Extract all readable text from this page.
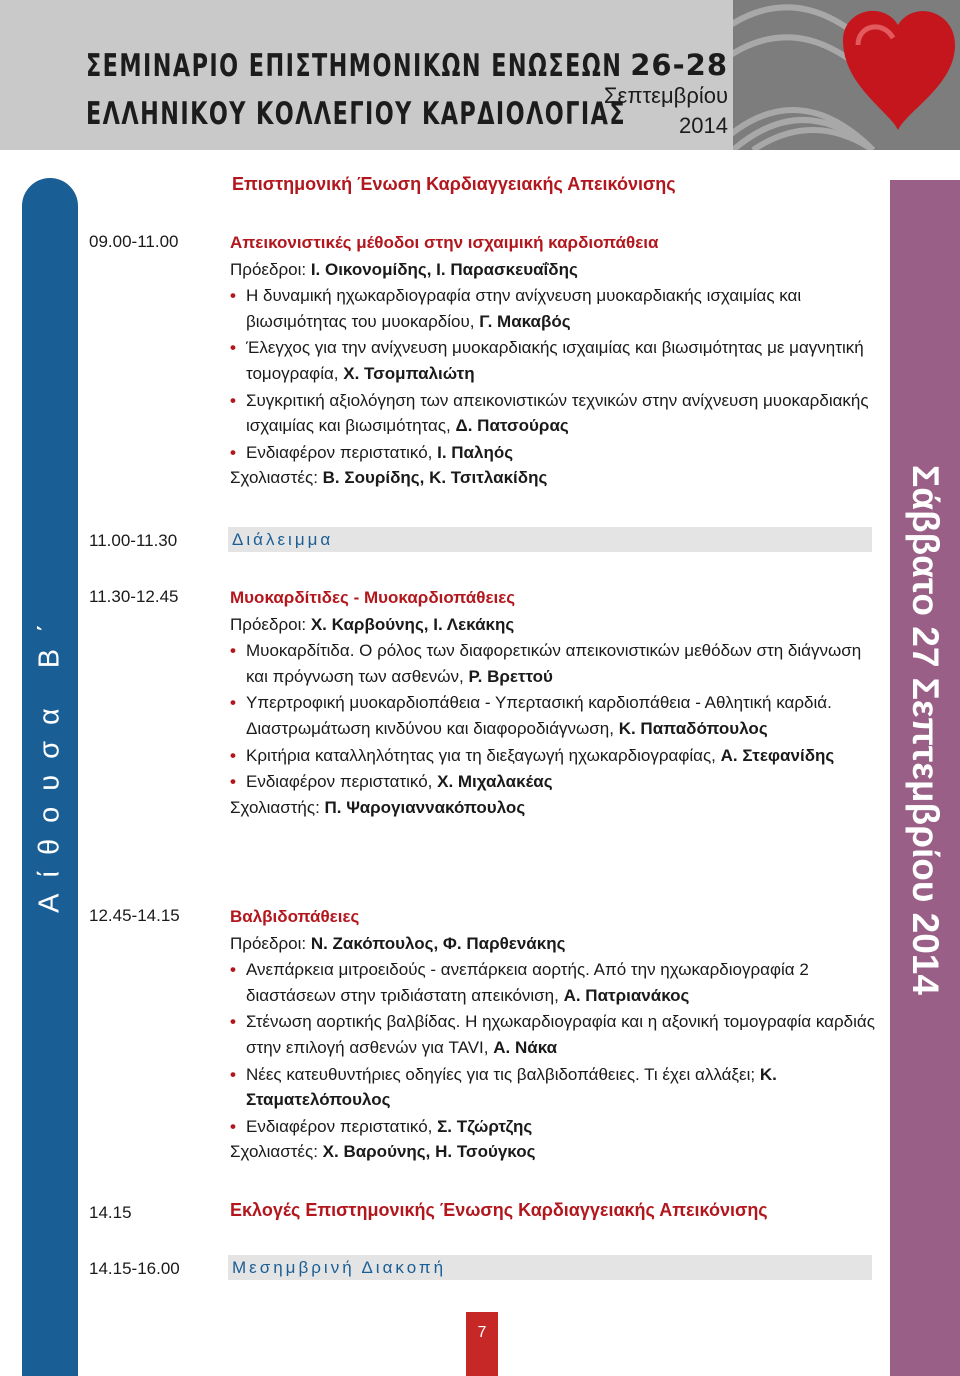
ΣΕΜΙΝΑΡΙΟ ΕΠΙΣΤΗΜΟΝΙΚΩΝ ΕΝΩΣΕΩΝ
ΕΛΛΗΝΙΚΟΥ ΚΟΛΛΕΓΙΟΥ ΚΑΡΔΙΟΛΟΓΙΑΣ
26-28
Σεπτεμβρίου
2014
Αίθουσα Β΄	Σάββατο 27 Σεπτεμβρίου 2014
Επιστημονική Ένωση Καρδιαγγειακής Απεικόνισης
09.00-11.00	Απεικονιστικές μέθοδοι στην ισχαιμική καρδιοπάθεια
Πρόεδροι: Ι. Οικονομίδης, Ι. Παρασκευαΐδης
• Η δυναμική ηχωκαρδιογραφία στην ανίχνευση μυοκαρδιακής ισχαιμίας και βιωσιμότητας του μυοκαρδίου, Γ. Μακαβός
• Έλεγχος για την ανίχνευση μυοκαρδιακής ισχαιμίας και βιωσιμότητας με μαγνητική τομογραφία, Χ. Τσομπαλιώτη
• Συγκριτική αξιολόγηση των απεικονιστικών τεχνικών στην ανίχνευση μυοκαρδιακής ισχαιμίας και βιωσιμότητας, Δ. Πατσούρας
• Ενδιαφέρον περιστατικό, Ι. Παληός
Σχολιαστές: Β. Σουρίδης, Κ. Τσιτλακίδης
11.00-11.30	Διάλειμμα
11.30-12.45	Μυοκαρδίτιδες - Μυοκαρδιοπάθειες
Πρόεδροι: Χ. Καρβούνης, Ι. Λεκάκης
• Μυοκαρδίτιδα. Ο ρόλος των διαφορετικών απεικονιστικών μεθόδων στη διάγνωση και πρόγνωση των ασθενών, Ρ. Βρεττού
• Υπερτροφική μυοκαρδιοπάθεια - Υπερτασική καρδιοπάθεια - Αθλητική καρδιά. Διαστρωμάτωση κινδύνου και διαφοροδιάγνωση, Κ. Παπαδόπουλος
• Κριτήρια καταλληλότητας για τη διεξαγωγή ηχωκαρδιογραφίας, Α. Στεφανίδης
• Ενδιαφέρον περιστατικό, Χ. Μιχαλακέας
Σχολιαστής: Π. Ψαρογιαννακόπουλος
12.45-14.15	Βαλβιδοπάθειες
Πρόεδροι: Ν. Ζακόπουλος, Φ. Παρθενάκης
• Ανεπάρκεια μιτροειδούς - ανεπάρκεια αορτής. Από την ηχωκαρδιογραφία 2 διαστάσεων στην τριδιάστατη απεικόνιση, Α. Πατριανάκος
• Στένωση αορτικής βαλβίδας. Η ηχωκαρδιογραφία και η αξονική τομογραφία καρδιάς στην επιλογή ασθενών για TAVI, Α. Νάκα
• Νέες κατευθυντήριες οδηγίες για τις βαλβιδοπάθειες. Τι έχει αλλάξει; Κ. Σταματελόπουλος
• Ενδιαφέρον περιστατικό, Σ. Τζώρτζης
Σχολιαστές: Χ. Βαρούνης, Η. Τσούγκος
14.15	Εκλογές Επιστημονικής Ένωσης Καρδιαγγειακής Απεικόνισης
14.15-16.00	Μεσημβρινή Διακοπή
7
